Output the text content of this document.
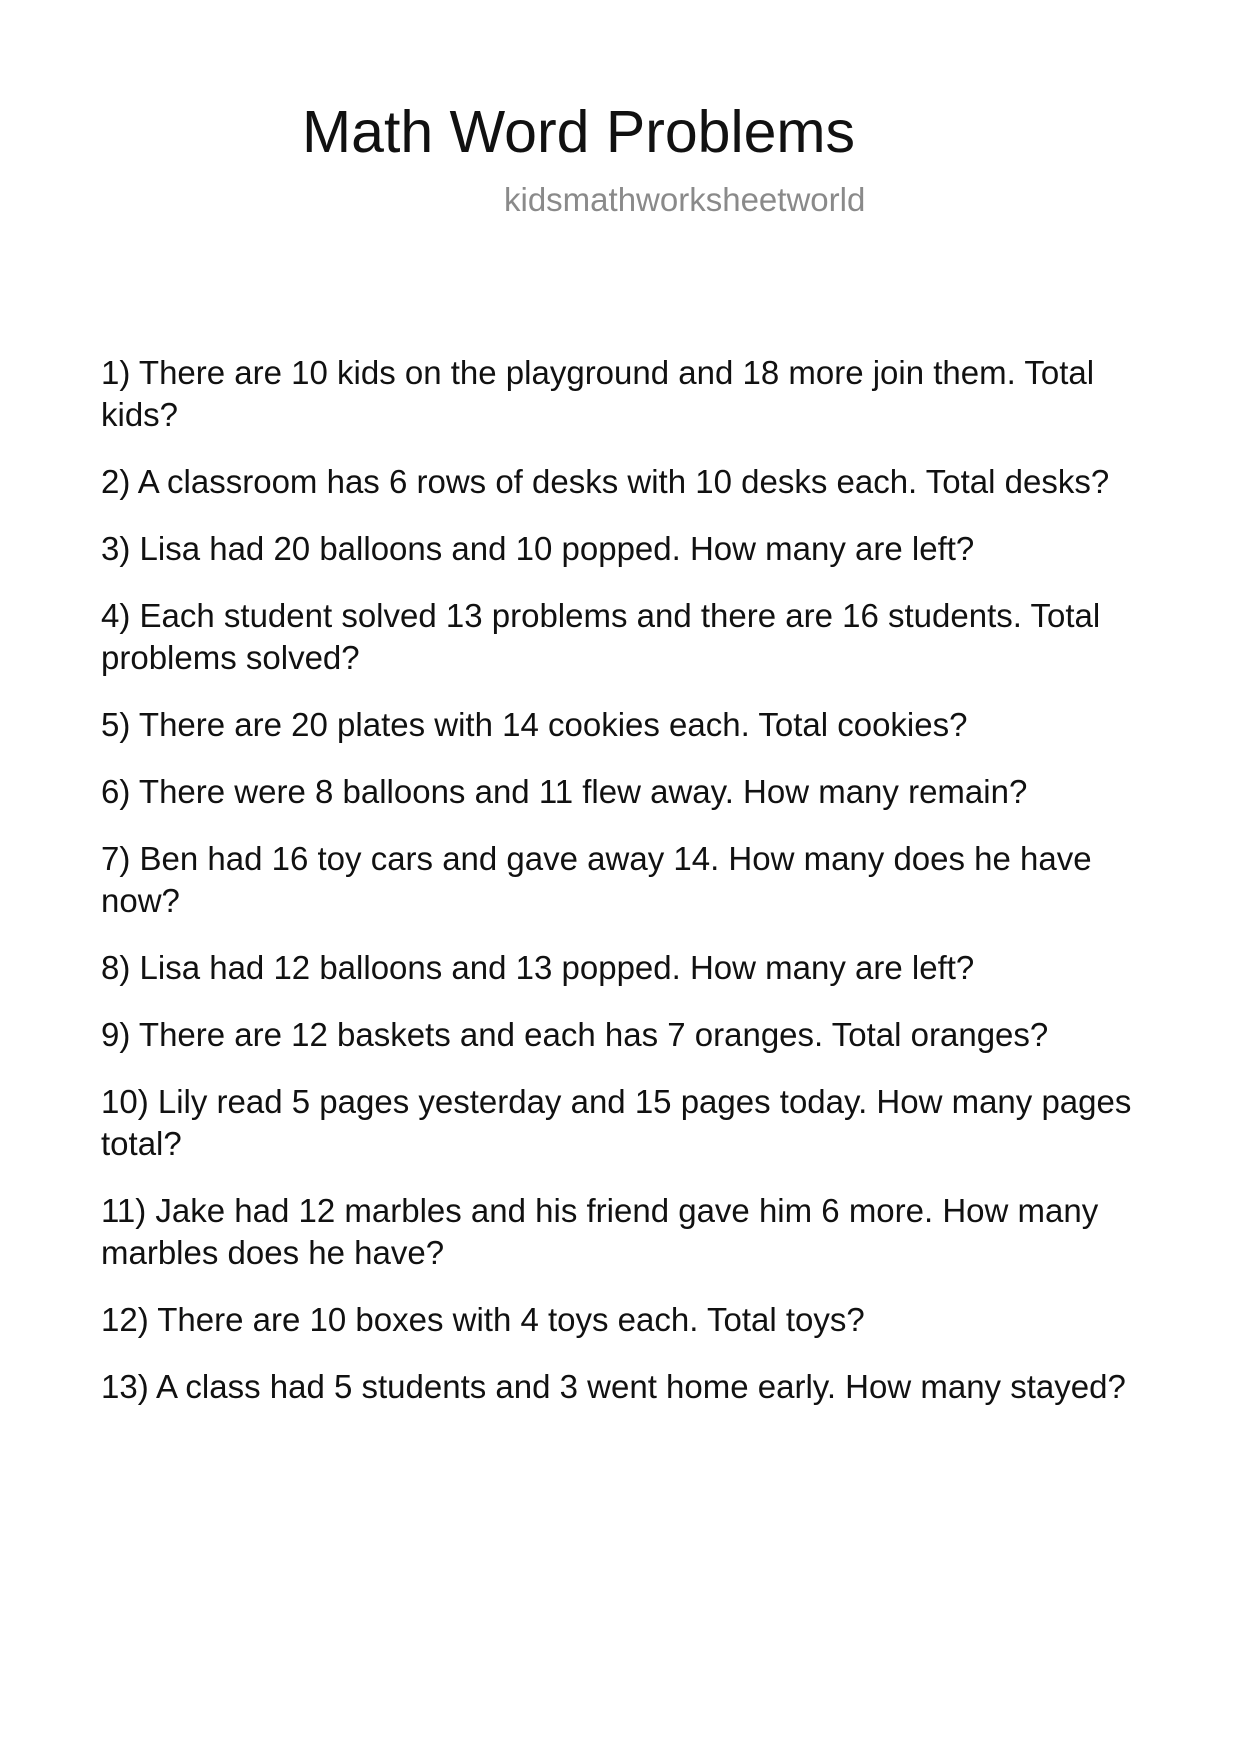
Math Word Problems
kidsmathworksheetworld
1) There are 10 kids on the playground and 18 more join them. Total kids?
2) A classroom has 6 rows of desks with 10 desks each. Total desks?
3) Lisa had 20 balloons and 10 popped. How many are left?
4) Each student solved 13 problems and there are 16 students. Total problems solved?
5) There are 20 plates with 14 cookies each. Total cookies?
6) There were 8 balloons and 11 flew away. How many remain?
7) Ben had 16 toy cars and gave away 14. How many does he have now?
8) Lisa had 12 balloons and 13 popped. How many are left?
9) There are 12 baskets and each has 7 oranges. Total oranges?
10) Lily read 5 pages yesterday and 15 pages today. How many pages total?
11) Jake had 12 marbles and his friend gave him 6 more. How many marbles does he have?
12) There are 10 boxes with 4 toys each. Total toys?
13) A class had 5 students and 3 went home early. How many stayed?
